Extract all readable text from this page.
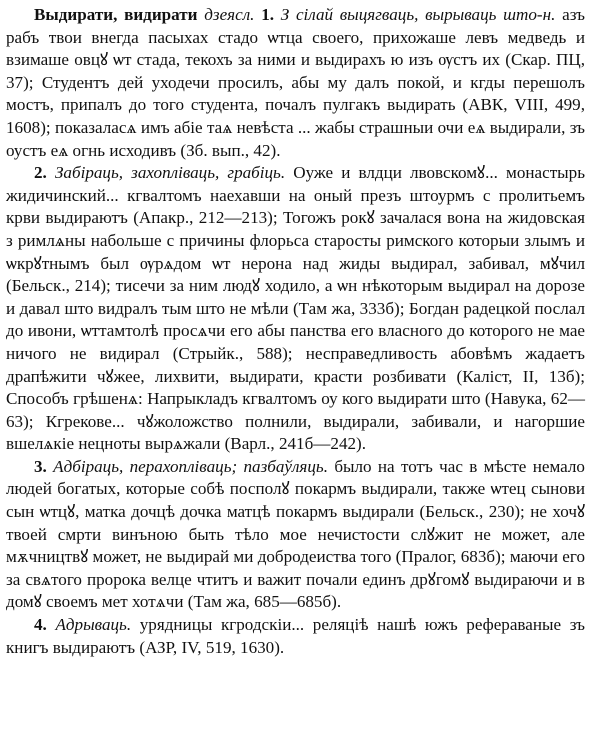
Выдирати, видирати дзеясл. 1. З сілай выцягваць, вырываць што-н. азъ рабъ твои внегда пасыхах стадо ѡтца своего, прихожаше левъ медведь и взимаше овцꙋ ѡт стада, текохъ за ними и выдирахъ ю изъ ѹстъ их (Скар. ПЦ, 37); Студентъ дей уходечи просилъ, абы му далъ покой, и кгды перешолъ мостъ, припалъ до того студента, почалъ пулгакъ выдирать (АВК, VIII, 499, 1608); показаласѧ имъ абіе таѧ невѣста ... жабы страшныи очи еѧ выдирали, зъ оустъ еѧ огнь исходивъ (Зб. вып., 42).

2. Забіраць, захопліваць, грабіць. Оуже и влдци лвовскомꙋ... монастырь жидичинский... кгвалтомъ наехавши на оный презъ штоурмъ с пролитьемъ крви выдираютъ (Апакр., 212—213); Тогожъ рокꙋ зачалася вона на жидовская з римлѧны набольше с причины флорьса старосты римского которыи злымъ и ѡкрꙋтнымъ был ѹрѧдом ѡт нерона над жиды выдирал, забивал, мꙋчил (Бельск., 214); тисечи за ним людꙋ ходило, а ѡн нѣкоторым выдирал на дорозе и давал што видралъ тым што не мѣли (Там жа, 333б); Богдан радецкой послал до ивони, ѡттамтолѣ просѧчи его абы панства его власного до которого не мае ничого не видирал (Стрыйк., 588); несправедливость абовѣмъ жадаетъ драпѣжити чꙋжее, лихвити, выдирати, красти розбивати (Каліст, II, 13б); Способъ грѣшенѧ: Напрыкладъ кгвалтомъ оу кого выдирати што (Навука, 62—63); Кгрекове... чꙋжоложство полнили, выдирали, забивали, и нагоршие вшелѧкіе нецноты вырѧжали (Варл., 241б—242).

3. Адбіраць, перахопліваць; пазбаўляць. было на тотъ час в мѣсте немало людей богатых, которые собѣ посполꙋ покармъ выдирали, также ѡтец сынови сын ѡтцꙋ, матка дочцѣ дочка матцѣ покармъ выдирали (Бельск., 230); не хочꙋ твоей смрти винъною быть тѣло мое нечистости слꙋжит не может, але мѫчництвꙋ может, не выдирай ми добродеиства того (Пралог, 683б); маючи его за свѧтого пророка велце чтитъ и важит почали единъ дрꙋгомꙋ выдираючи и в домꙋ своемъ мет хотѧчи (Там жа, 685—685б).

4. Адрываць. урядницы кгродскіи... реляціѣ нашѣ южъ рефераваные зъ книгъ выдираютъ (АЗР, IV, 519, 1630).
